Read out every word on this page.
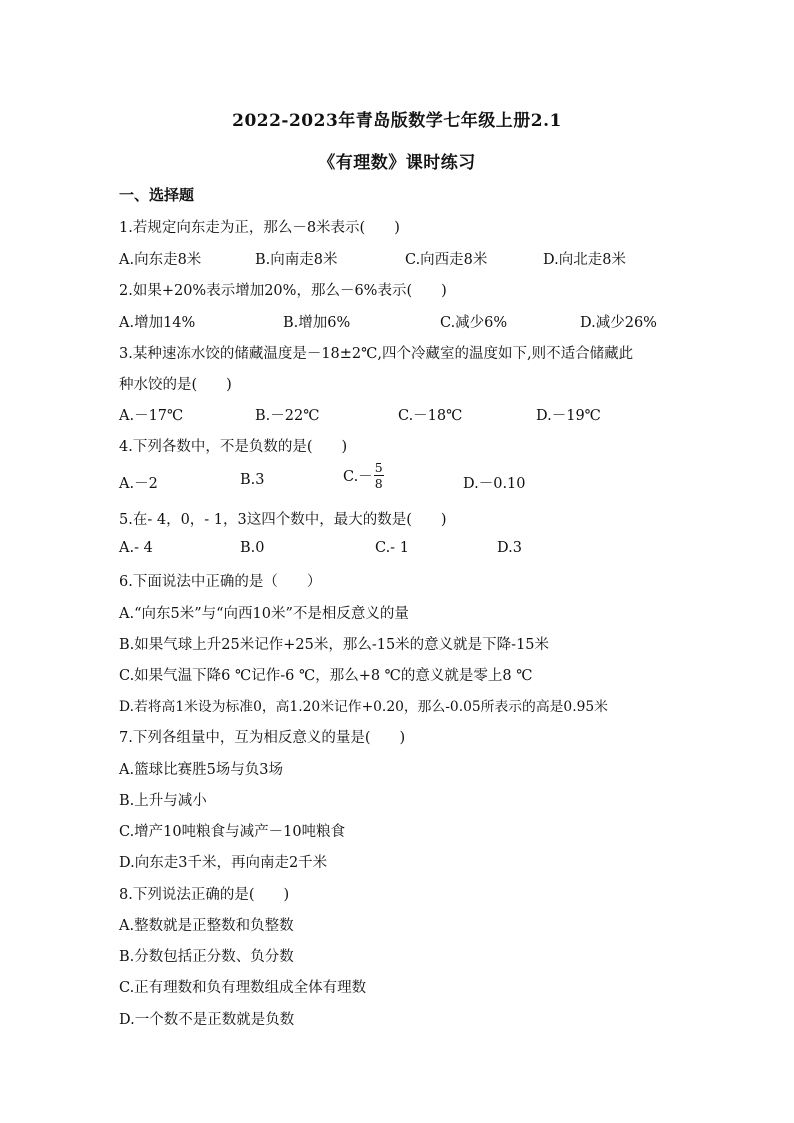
2022-2023年青岛版数学七年级上册2.1
《有理数》课时练习
一、选择题
1.若规定向东走为正，那么－8米表示(　　)
A.向东走8米	B.向南走8米	C.向西走8米	D.向北走8米
2.如果+20%表示增加20%，那么－6%表示(　　)
A.增加14%	B.增加6%	C.减少6%	D.减少26%
3.某种速冻水饺的储藏温度是－18±2℃,四个冷藏室的温度如下,则不适合储藏此
种水饺的是(　　)
A.－17℃	B.－22℃	C.－18℃	D.－19℃
4.下列各数中，不是负数的是(　　)
A.－2	B.3	$C.- \frac{5}{8}$	D.－0.10
5.在- 4，0，- 1，3这四个数中，最大的数是(　　)
A.- 4	B.0	C.- 1	D.3
6.下面说法中正确的是（　　）
A.“向东5米”与“向西10米”不是相反意义的量
B.如果气球上升25米记作+25米，那么-15米的意义就是下降-15米
C.如果气温下降6 ℃记作-6 ℃，那么+8 ℃的意义就是零上8 ℃
D.若将高1米设为标准0，高1.20米记作+0.20，那么-0.05所表示的高是0.95米
7.下列各组量中，互为相反意义的量是(　　)
A.篮球比赛胜5场与负3场
B.上升与减小
C.增产10吨粮食与减产－10吨粮食
D.向东走3千米，再向南走2千米
8.下列说法正确的是(　　)
A.整数就是正整数和负整数
B.分数包括正分数、负分数
C.正有理数和负有理数组成全体有理数
D.一个数不是正数就是负数
